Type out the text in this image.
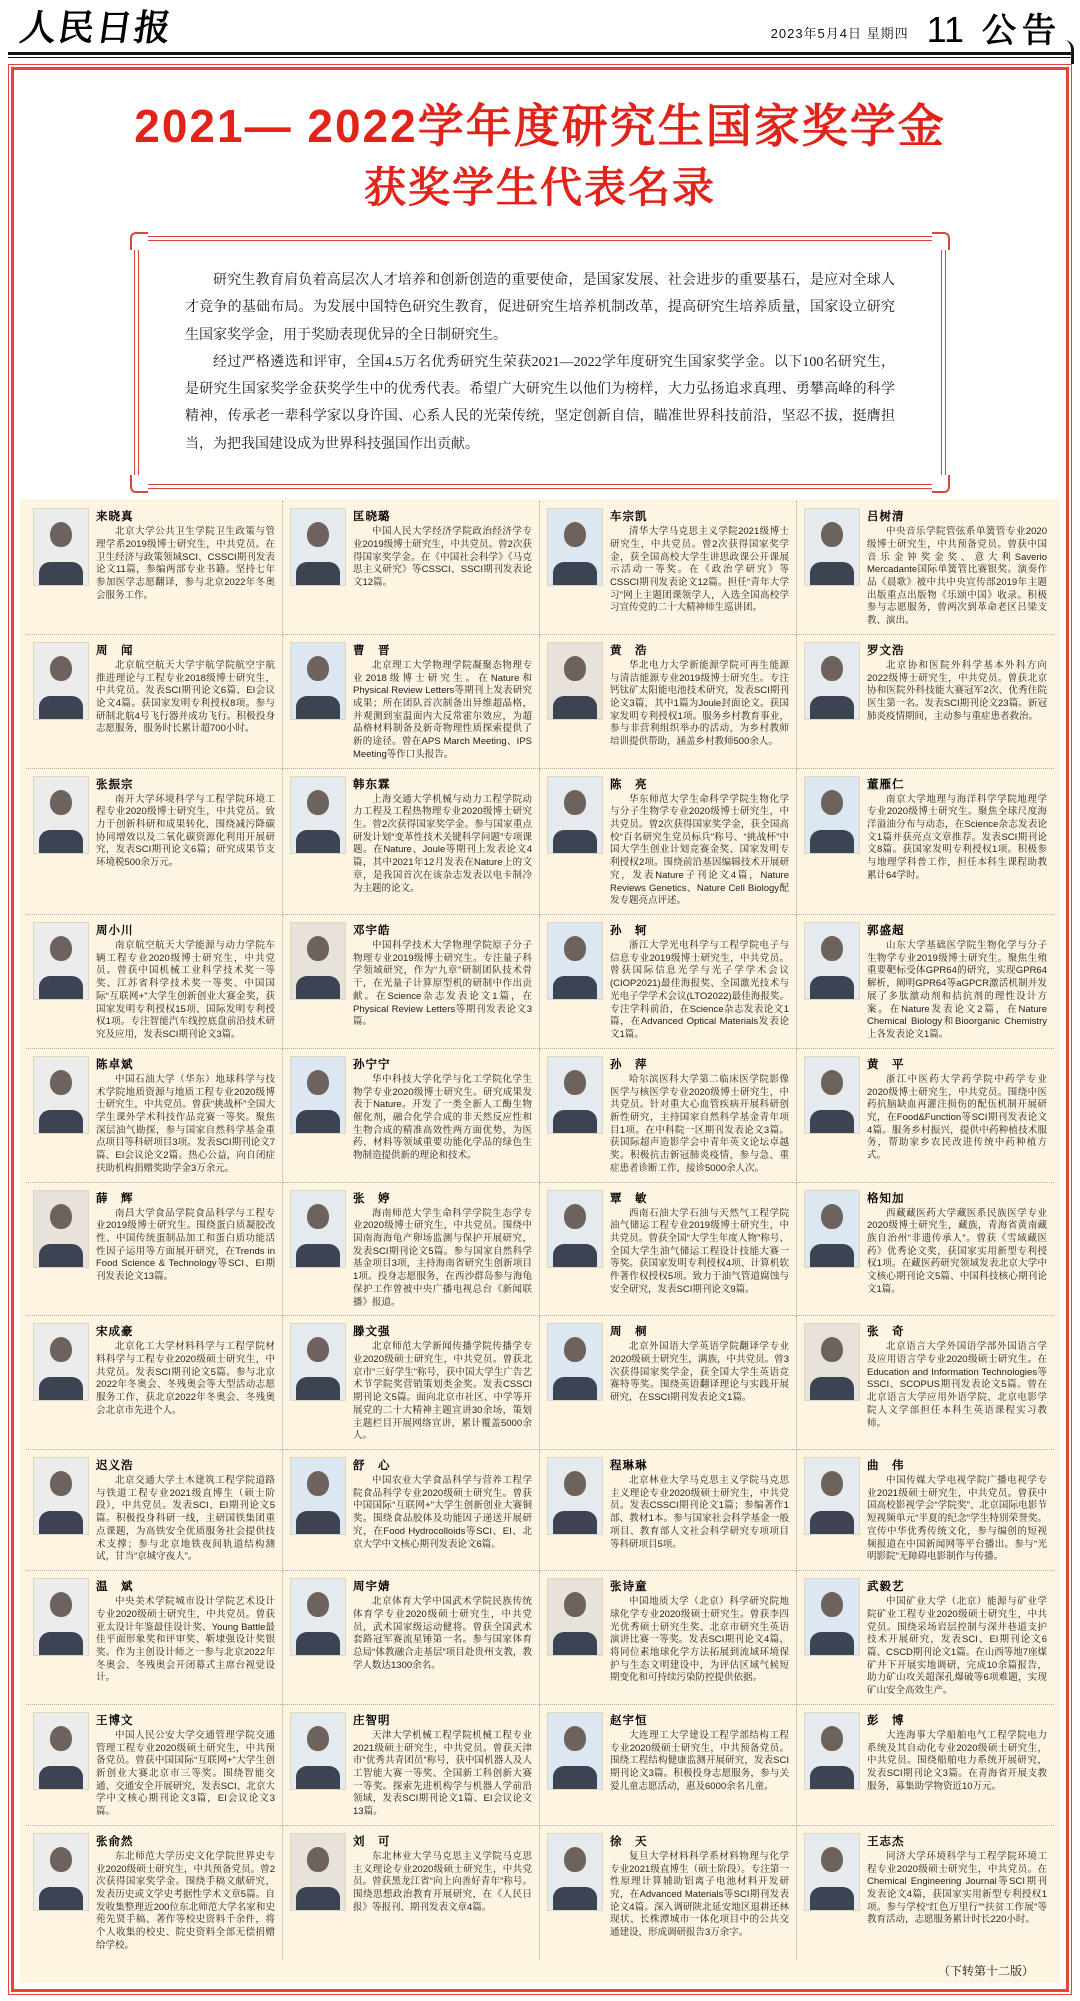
人民日报	2023年5月4日 星期四 11 公告
2021— 2022学年度研究生国家奖学金
获奖学生代表名录

研究生教育肩负着高层次人才培养和创新创造的重要使命，是国家发展、社会进步的重要基石，是应对全球人才竞争的基础布局。为发展中国特色研究生教育，促进研究生培养机制改革，提高研究生培养质量，国家设立研究生国家奖学金，用于奖励表现优异的全日制研究生。

经过严格遴选和评审，全国4.5万名优秀研究生荣获2021—2022学年度研究生国家奖学金。以下100名研究生，是研究生国家奖学金获奖学生中的优秀代表。希望广大研究生以他们为榜样，大力弘扬追求真理、勇攀高峰的科学精神，传承老一辈科学家以身许国、心系人民的光荣传统，坚定创新自信，瞄准世界科技前沿，坚忍不拔，挺膺担当，为把我国建设成为世界科技强国作出贡献。

来晓真
北京大学公共卫生学院卫生政策与管理学系2019级博士研究生，中共党员。在卫生经济与政策领域SCI、CSSCI期刊发表论文11篇，参编两部专业书籍。坚持七年参加医学志愿翻译，参与北京2022年冬奥会服务工作。
匡晓璐
中国人民大学经济学院政治经济学专业2019级博士研究生，中共党员。曾2次获得国家奖学金。在《中国社会科学》《马克思主义研究》等CSSCI、SSCI期刊发表论文12篇。
车宗凯
清华大学马克思主义学院2021级博士研究生，中共党员。曾2次获得国家奖学金，获全国高校大学生讲思政课公开课展示活动一等奖。在《政治学研究》等CSSCI期刊发表论文12篇。担任“青年大学习”网上主题团课领学人，入选全国高校学习宣传党的二十大精神师生巡讲团。
吕树清
中央音乐学院管弦系单簧管专业2020级博士研究生，中共预备党员。曾获中国音乐金钟奖金奖、意大利Saverio Mercadante国际单簧管比赛银奖。演奏作品《晨歌》被中共中央宣传部2019年主题出版重点出版物《乐颂中国》收录。积极参与志愿服务，曾两次到革命老区吕梁支教、演出。
周　闻
北京航空航天大学宇航学院航空宇航推进理论与工程专业2018级博士研究生，中共党员。发表SCI期刊论文6篇、EI会议论文4篇。获国家发明专利授权8项。参与研制北航4号飞行器并成功飞行。积极投身志愿服务，服务时长累计超700小时。
曹　晋
北京理工大学物理学院凝聚态物理专业2018级博士研究生。在Nature和Physical Review Letters等期刊上发表研究成果；所在团队首次制备出异维超晶格，并观测到室温面内大反常霍尔效应，为超晶格材料制备及新奇物理性质探索提供了新的途径。曾在APS March Meeting、IPS Meeting等作口头报告。
黄　浩
华北电力大学新能源学院可再生能源与清洁能源专业2019级博士研究生。专注钙钛矿太阳能电池技术研究，发表SCI期刊论文3篇，其中1篇为Joule封面论文。获国家发明专利授权1项。服务乡村教育事业，参与非营利组织举办的活动，为乡村教师培训提供帮助，涵盖乡村教师500余人。
罗文浩
北京协和医院外科学基本外科方向2022级博士研究生，中共党员。曾获北京协和医院外科技能大赛冠军2次、优秀住院医生第一名。发表SCI期刊论文23篇。新冠肺炎疫情期间，主动参与重症患者救治。
张振宗
南开大学环境科学与工程学院环境工程专业2020级博士研究生，中共党员。致力于创新科研和成果转化，围绕减污降碳协同增效以及二氧化碳资源化利用开展研究，发表SCI期刊论文6篇；研究成果节支环境税500余万元。
韩东霖
上海交通大学机械与动力工程学院动力工程及工程热物理专业2020级博士研究生。曾2次获得国家奖学金。参与国家重点研发计划“变革性技术关键科学问题”专项课题。在Nature、Joule等期刊上发表论文4篇，其中2021年12月发表在Nature上的文章，是我国首次在该杂志发表以电卡制冷为主题的论文。
陈　亮
华东师范大学生命科学学院生物化学与分子生物学专业2020级博士研究生，中共党员。曾2次获得国家奖学金，获全国高校“百名研究生党员标兵”称号、“挑战杯”中国大学生创业计划竞赛金奖、国家发明专利授权2项。围绕前沿基因编辑技术开展研究，发表Nature子刊论文4篇，Nature Reviews Genetics、Nature Cell Biology配发专题亮点评述。
董雁仁
南京大学地理与海洋科学学院地理学专业2020级博士研究生。聚焦全球尺度海洋溢油分布与动态，在Science杂志发表论文1篇并获亮点文章推荐。发表SCI期刊论文8篇。获国家发明专利授权1项。积极参与地理学科普工作，担任本科生课程助教累计64学时。
周小川
南京航空航天大学能源与动力学院车辆工程专业2020级博士研究生，中共党员。曾获中国机械工业科学技术奖一等奖、江苏省科学技术奖一等奖、中国国际“互联网+”大学生创新创业大赛金奖，获国家发明专利授权15项、国际发明专利授权1项。专注智能汽车线控底盘前沿技术研究及应用，发表SCI期刊论文3篇。
邓宇皓
中国科学技术大学物理学院原子分子物理专业2019级博士研究生。专注量子科学领域研究，作为“九章”研制团队技术骨干，在光量子计算原型机的研制中作出贡献。在Science杂志发表论文1篇，在Physical Review Letters等期刊发表论文3篇。
孙　轲
浙江大学光电科学与工程学院电子与信息专业2019级博士研究生，中共党员。曾获国际信息光学与光子学学术会议(CIOP2021)最佳海报奖、全国激光技术与光电子学学术会议(LTO2022)最佳海报奖。专注学科前沿，在Science杂志发表论文1篇，在Advanced Optical Materials发表论文1篇。
郭盛超
山东大学基础医学院生物化学与分子生物学专业2019级博士研究生。聚焦生殖重要靶标受体GPR64的研究，实现GPR64解析，阐明GPR64等aGPCR激活机制并发展了多肽激动剂和拮抗剂的理性设计方案。在Nature发表论文2篇，在Nature Chemical Biology和Bioorganic Chemistry上各发表论文1篇。
陈卓斌
中国石油大学（华东）地球科学与技术学院地质资源与地质工程专业2020级博士研究生，中共党员。曾获“挑战杯”全国大学生课外学术科技作品竞赛一等奖。聚焦深层油气勘探，参与国家自然科学基金重点项目等科研项目3项。发表SCI期刊论文7篇、EI会议论文2篇。热心公益，向自闭症扶助机构捐赠奖助学金3万余元。
孙宁宁
华中科技大学化学与化工学院化学生物学专业2020级博士研究生。研究成果发表于Nature。开发了一类全新人工酶生物催化剂，融合化学合成的非天然反应性和生物合成的精准高效性两方面优势，为医药、材料等领域重要功能化学品的绿色生物制造提供新的理论和技术。
孙　萍
哈尔滨医科大学第二临床医学院影像医学与核医学专业2020级博士研究生，中共党员。针对重大心血管疾病开展科研创新性研究，主持国家自然科学基金青年项目1项。在中科院一区期刊发表论文3篇。获国际超声造影学会中青年英文论坛卓越奖。积极抗击新冠肺炎疫情，参与急、重症患者诊断工作，接诊5000余人次。
黄　平
浙江中医药大学药学院中药学专业2020级博士研究生，中共党员。围绕中医药抗脑缺血再灌注损伤的配伍机制开展研究，在Food&Function等SCI期刊发表论文4篇。服务乡村振兴，提供中药种植技术服务，帮助家乡农民改进传统中药种植方式。
薛　辉
南昌大学食品学院食品科学与工程专业2019级博士研究生。围绕蛋白质凝胶改性、中国传统蛋制品加工和蛋白质功能活性因子运用等方面展开研究，在Trends in Food Science & Technology等SCI、EI期刊发表论文13篇。
张　婷
海南师范大学生命科学学院生态学专业2020级博士研究生，中共党员。围绕中国南海海龟产卵场监测与保护开展研究，发表SCI期刊论文5篇。参与国家自然科学基金项目3项，主持海南省研究生创新项目1项。投身志愿服务，在西沙群岛参与海龟保护工作曾被中央广播电视总台《新闻联播》报道。
覃　敏
西南石油大学石油与天然气工程学院油气储运工程专业2019级博士研究生，中共党员。曾获全国“大学生年度人物”称号、全国大学生油气储运工程设计技能大赛一等奖。获国家发明专利授权4项、计算机软件著作权授权5项。致力于油气管道腐蚀与安全研究，发表SCI期刊论文9篇。
格知加
西藏藏医药大学藏医系民族医学专业2020级博士研究生，藏族，青海省黄南藏族自治州“非遗传承人”。曾获《雪域藏医药》优秀论文奖，获国家实用新型专利授权1项。在藏医药研究领域发表北京大学中文核心期刊论文5篇、中国科技核心期刊论文1篇。
宋成豪
北京化工大学材料科学与工程学院材料科学与工程专业2020级硕士研究生，中共党员。发表SCI期刊论文5篇。参与北京2022年冬奥会、冬残奥会等大型活动志愿服务工作，获北京2022年冬奥会、冬残奥会北京市先进个人。
滕文强
北京师范大学新闻传播学院传播学专业2020级硕士研究生，中共党员。曾获北京市“三好学生”称号，获中国大学生广告艺术节学院奖营销策划类金奖。发表CSSCI期刊论文5篇。面向北京市社区、中学等开展党的二十大精神主题宣讲30余场，策划主题栏目开展网络宣讲，累计覆盖5000余人。
周　桐
北京外国语大学英语学院翻译学专业2020级硕士研究生，满族，中共党员。曾3次获得国家奖学金，获全国大学生英语竞赛特等奖。围绕英语翻译理论与实践开展研究，在SSCI期刊发表论文1篇。
张　奇
北京语言大学外国语学部外国语言学及应用语言学专业2020级硕士研究生。在Education and Information Technologies等SSCI、SCOPUS期刊发表论文5篇。曾在北京语言大学应用外语学院、北京电影学院人文学部担任本科生英语课程实习教师。
迟义浩
北京交通大学土木建筑工程学院道路与铁道工程专业2021级直博生（硕士阶段），中共党员。发表SCI、EI期刊论文5篇。积极投身科研一线，主研国铁集团重点课题，为高铁安全优质服务社会提供技术支撑；参与北京地铁夜间轨道结构测试，甘当“京城守夜人”。
舒　心
中国农业大学食品科学与营养工程学院食品科学专业2020级硕士研究生。曾获中国国际“互联网+”大学生创新创业大赛铜奖。围绕食品胶体及功能因子递送开展研究，在Food Hydrocolloids等SCI、EI、北京大学中文核心期刊发表论文6篇。
程琳琳
北京林业大学马克思主义学院马克思主义理论专业2020级硕士研究生，中共党员。发表CSSCI期刊论文1篇；参编著作1部、教材1本。参与国家社会科学基金一般项目、教育部人文社会科学研究专项项目等科研项目5项。
曲　伟
中国传媒大学电视学院广播电视学专业2021级硕士研究生，中共党员。曾获中国高校影视学会“学院奖”、北京国际电影节短视频单元“半夏的纪念”学生特别荣誉奖。宣传中华优秀传统文化，参与编创的短视频报道在中国新闻网等平台播出。参与“光明影院”无障碍电影制作与传播。
温　斌
中央美术学院城市设计学院艺术设计专业2020级硕士研究生，中共党员。曾获亚太设计年鉴最佳设计奖、Young Battle最佳平面形象奖和评审奖、靳埭强设计奖银奖。作为主创设计师之一参与北京2022年冬奥会、冬残奥会开闭幕式主席台视觉设计。
周宇婧
北京体育大学中国武术学院民族传统体育学专业2020级硕士研究生，中共党员，武术国家级运动健将。曾获全国武术套路冠军赛流星锤第一名。参与国家体育总局“体教融合走基层”项目赴贵州支教，教学人数达1300余名。
张诗童
中国地质大学（北京）科学研究院地球化学专业2020级硕士研究生。曾获李四光优秀硕士研究生奖、北京市研究生英语演讲比赛一等奖。发表SCI期刊论文4篇，将同位素地球化学方法拓展到流域环境保护与生态文明建设中，为评估区域气候短期变化和可持续污染防控提供依据。
武毅艺
中国矿业大学（北京）能源与矿业学院矿业工程专业2020级硕士研究生，中共党员。围绕采场岩层控制与深井巷道支护技术开展研究，发表SCI、EI期刊论文6篇、CSCD期刊论文1篇。在山西等地7座煤矿井下开展实地调研，完成10余篇报告，助力矿山攻关超深孔爆破等6项难题，实现矿山安全高效生产。
王博文
中国人民公安大学交通管理学院交通管理工程专业2020级硕士研究生，中共预备党员。曾获中国国际“互联网+”大学生创新创业大赛北京市三等奖。围绕智能交通、交通安全开展研究，发表SCI、北京大学中文核心期刊论文3篇，EI会议论文3篇。
庄智明
天津大学机械工程学院机械工程专业2021级硕士研究生，中共党员。曾获天津市“优秀共青团员”称号，获中国机器人及人工智能大赛一等奖、全国新工科创新大赛一等奖。探索先进机构学与机器人学前沿领域，发表SCI期刊论文1篇、EI会议论文13篇。
赵宇恒
大连理工大学建设工程学部结构工程专业2020级硕士研究生，中共预备党员。围绕工程结构健康监测开展研究，发表SCI期刊论文3篇。积极投身志愿服务，参与关爱儿童志愿活动，惠及6000余名儿童。
彭　博
大连海事大学船舶电气工程学院电力系统及其自动化专业2020级硕士研究生，中共党员。围绕船舶电力系统开展研究，发表SCI期刊论文3篇。在青海省开展支教服务，募集助学物资近10万元。
张俞然
东北师范大学历史文化学院世界史专业2020级硕士研究生，中共预备党员。曾2次获得国家奖学金。围绕手稿文献研究，发表历史或文学史考据性学术文章5篇。自发收集整理近200位东北师范大学名家和史苑先贤手稿、著作等校史资料千余件，将个人收集的校史、院史资料全部无偿捐赠给学校。
刘　可
东北林业大学马克思主义学院马克思主义理论专业2020级硕士研究生，中共党员。曾获黑龙江省“向上向善好青年”称号。围绕思想政治教育开展研究，在《人民日报》等报刊、期刊发表文章4篇。
徐　天
复旦大学材料科学系材料物理与化学专业2021级直博生（硕士阶段）。专注第一性原理计算辅助铝离子电池材料开发研究，在Advanced Materials等SCI期刊发表论文4篇。深入调研陕北延安地区退耕还林现状、长株潭城市一体化项目中的公共交通建设，形成调研报告3万余字。
王志杰
同济大学环境科学与工程学院环境工程专业2020级硕士研究生，中共党员。在Chemical Engineering Journal等SCI期刊发表论文4篇，获国家实用新型专利授权1项。参与学校“红色万里行”“扶贫工作展”等教育活动，志愿服务累计时长220小时。
（下转第十二版）
